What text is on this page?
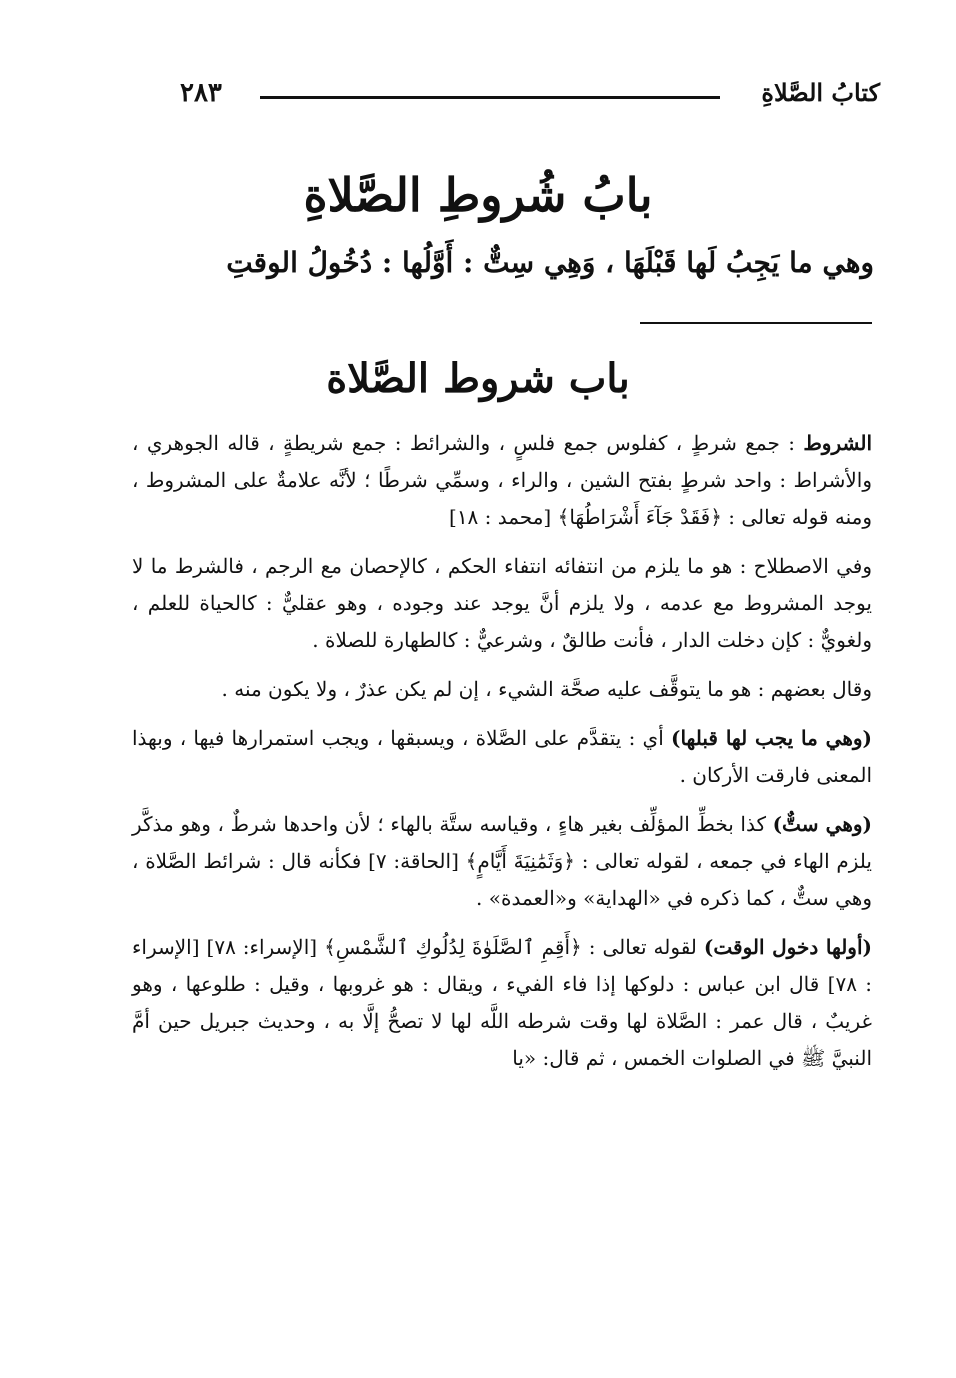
٢٨٣	كتابُ الصَّلاةِ
بابُ شُروطِ الصَّلاةِ
وهي ما يَجِبُ لَها قَبْلَهَا ، وَهِي سِتٌّ : أَوَّلُها : دُخُولُ الوقتِ
باب شروط الصَّلاة

الشروط : جمع شرطٍ ، كفلوس جمع فلسٍ ، والشرائط : جمع شريطةٍ ، قاله الجوهري ، والأشراط : واحد شرطٍ بفتح الشين ، والراء ، وسمِّي شرطًا ؛ لأنَّه علامةٌ على المشروط ، ومنه قوله تعالى : ﴿فَقَدْ جَآءَ أَشْرَاطُهَا﴾ [محمد : ١٨]

وفي الاصطلاح : هو ما يلزم من انتفائه انتفاء الحكم ، كالإحصان مع الرجم ، فالشرط ما لا يوجد المشروط مع عدمه ، ولا يلزم أنَّ يوجد عند وجوده ، وهو عقليٌّ : كالحياة للعلم ، ولغويٌّ : كإن دخلت الدار ، فأنت طالقٌ ، وشرعيٌّ : كالطهارة للصلاة .

وقال بعضهم : هو ما يتوقَّف عليه صحَّة الشيء ، إن لم يكن عذرٌ ، ولا يكون منه .

(وهي ما يجب لها قبلها) أي : يتقدَّم على الصَّلاة ، ويسبقها ، ويجب استمرارها فيها ، وبهذا المعنى فارقت الأركان .

(وهي ستٌّ) كذا بخطِّ المؤلِّف بغير هاءٍ ، وقياسه ستَّة بالهاء ؛ لأن واحدها شرطٌ ، وهو مذكَّر يلزم الهاء في جمعه ، لقوله تعالى : ﴿وَثَمَٰنِيَةَ أَيَّامٍ﴾ [الحاقة: ٧] فكأنه قال : شرائط الصَّلاة ، وهي ستٌّ ، كما ذكره في «الهداية» و«العمدة» .

(أولها دخول الوقت) لقوله تعالى : ﴿أَقِمِ ٱلصَّلَوٰةَ لِدُلُوكِ ٱلشَّمْسِ﴾ [الإسراء: ٧٨] [الإسراء : ٧٨] قال ابن عباس : دلوكها إذا فاء الفيء ، ويقال : هو غروبها ، وقيل : طلوعها ، وهو غريبٌ ، قال عمر : الصَّلاة لها وقت شرطه اللَّه لها لا تصحُّ إلَّا به ، وحديث جبريل حين أمَّ النبيَّ ﷺ في الصلوات الخمس ، ثم قال: «يا
